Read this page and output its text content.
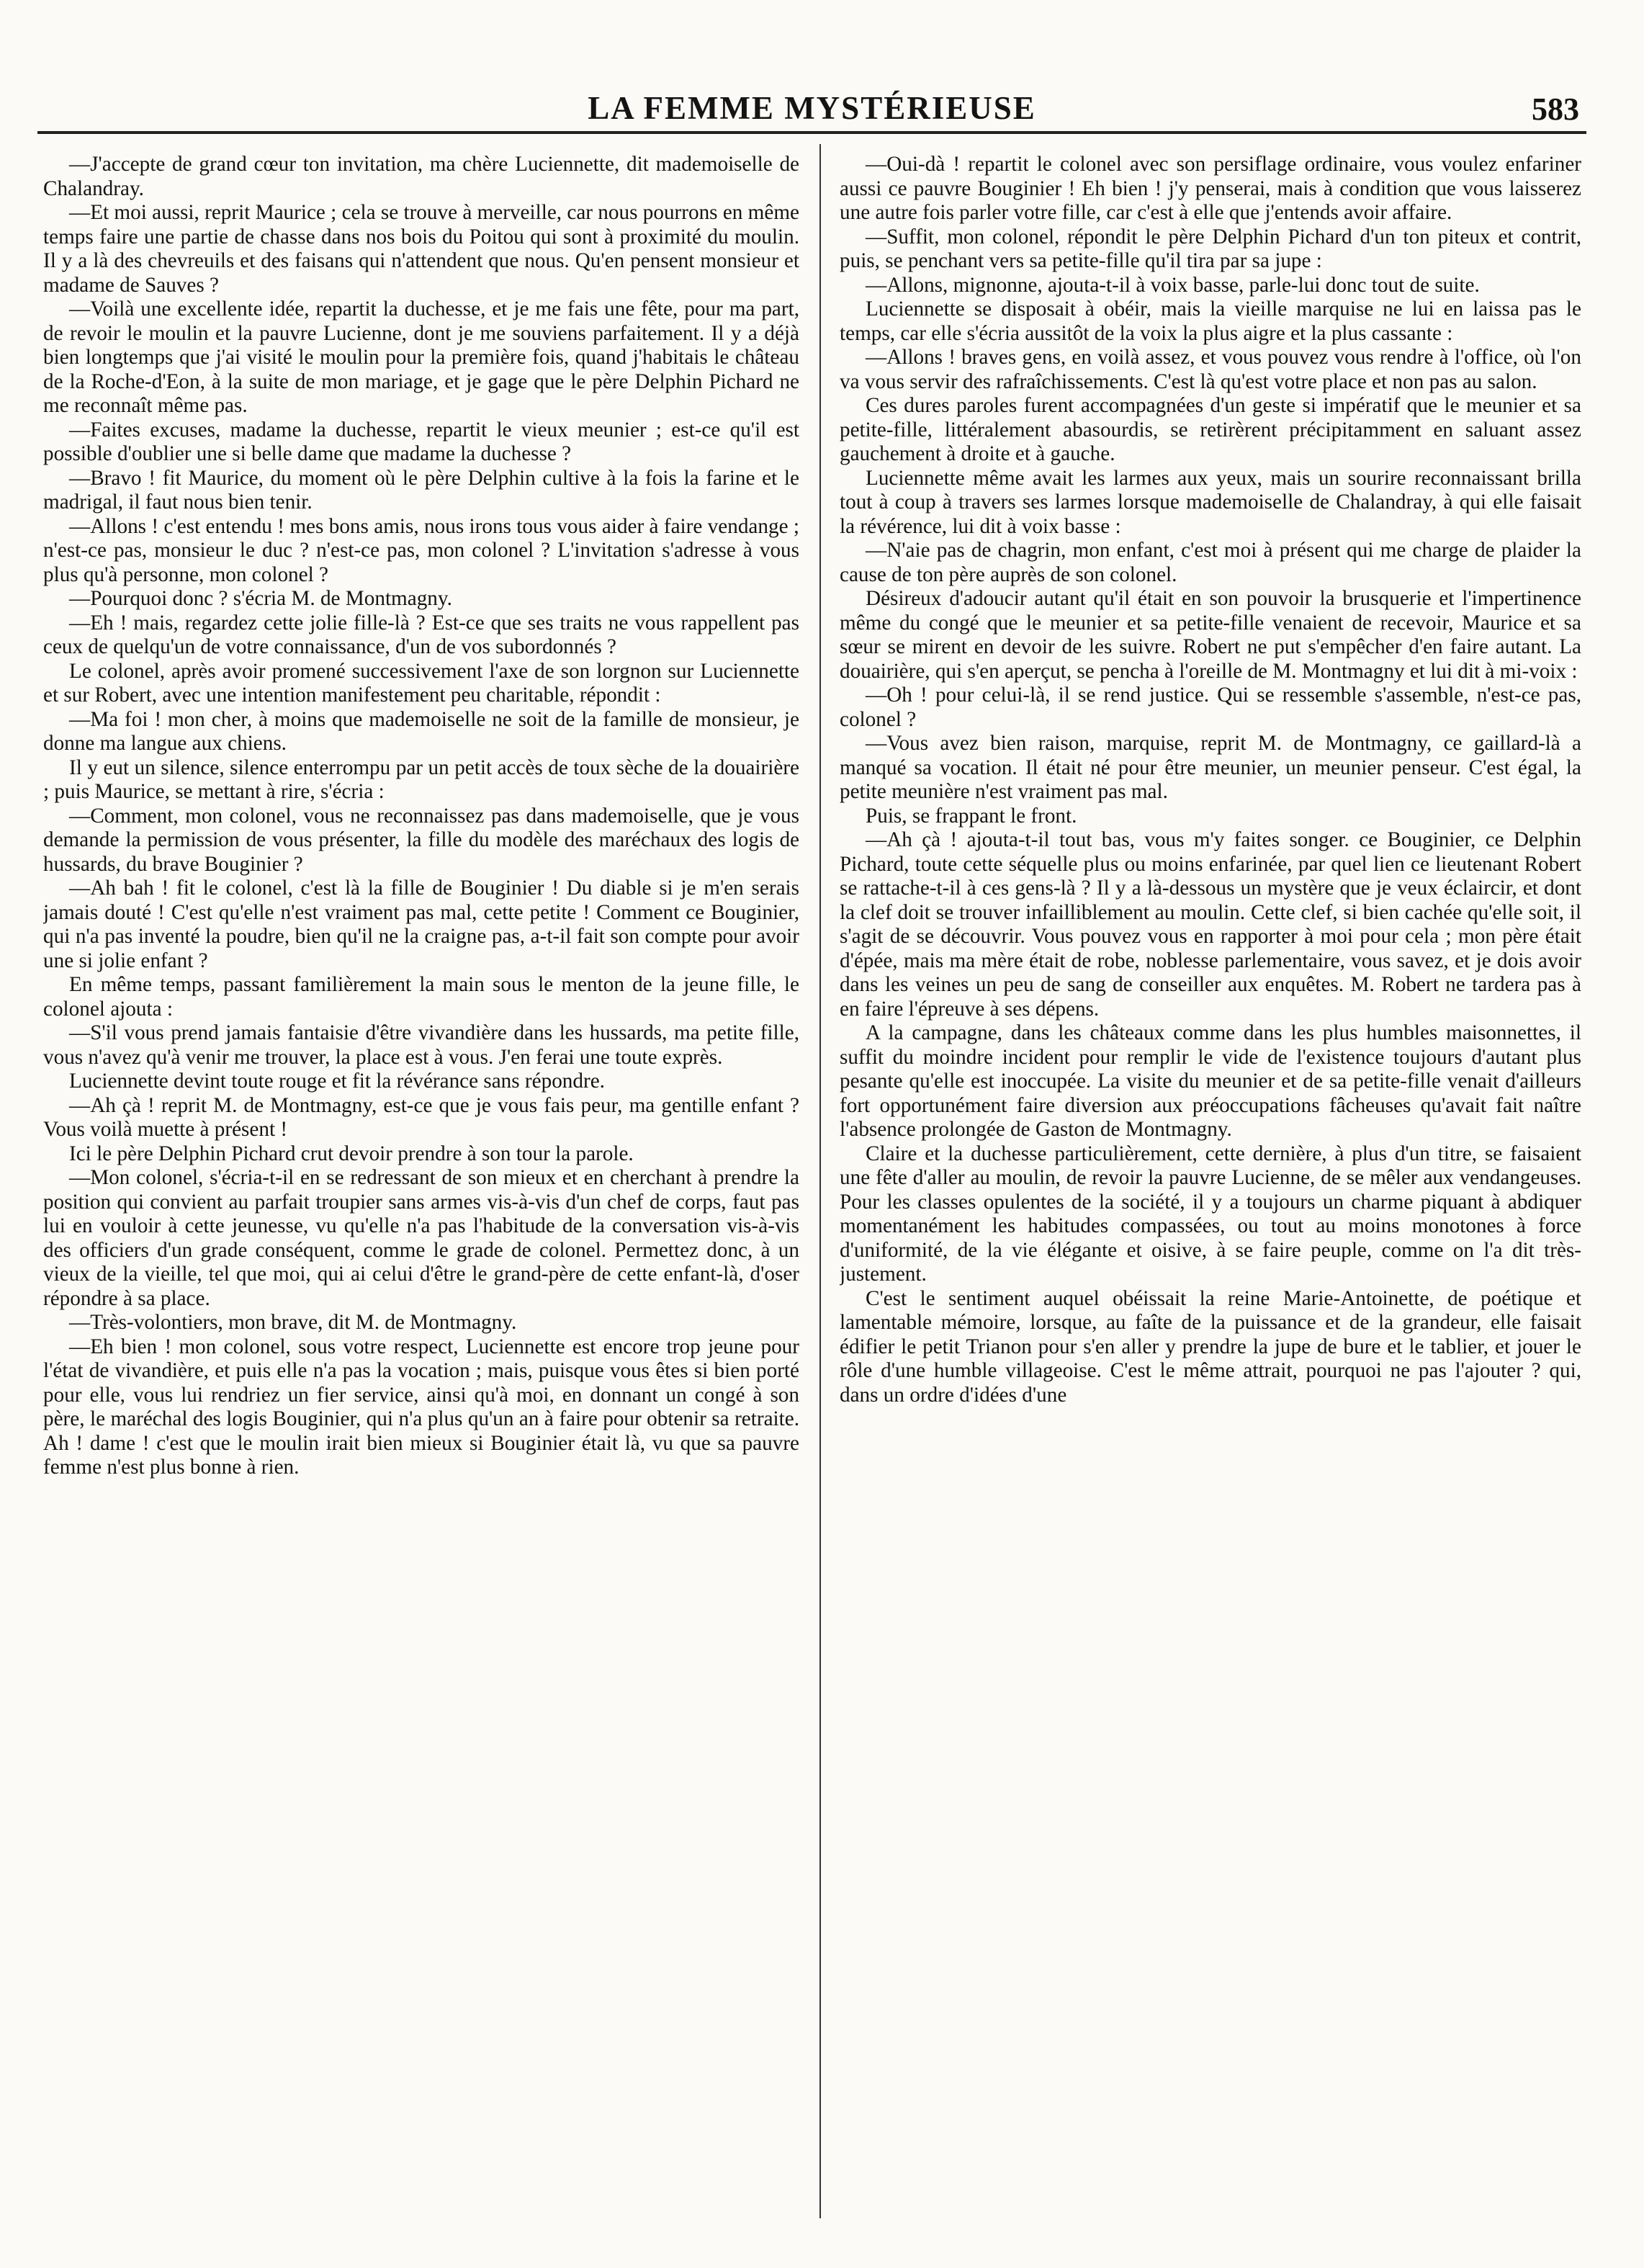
LA FEMME MYSTÉRIEUSE	583

—J'accepte de grand cœur ton invitation, ma chère Luciennette, dit mademoiselle de Chalandray.

—Et moi aussi, reprit Maurice ; cela se trouve à merveille, car nous pourrons en même temps faire une partie de chasse dans nos bois du Poitou qui sont à proximité du moulin. Il y a là des chevreuils et des faisans qui n'attendent que nous. Qu'en pensent monsieur et madame de Sauves ?

—Voilà une excellente idée, repartit la duchesse, et je me fais une fête, pour ma part, de revoir le moulin et la pauvre Lucienne, dont je me souviens parfaitement. Il y a déjà bien longtemps que j'ai visité le moulin pour la première fois, quand j'habitais le château de la Roche-d'Eon, à la suite de mon mariage, et je gage que le père Delphin Pichard ne me reconnaît même pas.

—Faites excuses, madame la duchesse, repartit le vieux meunier ; est-ce qu'il est possible d'oublier une si belle dame que madame la duchesse ?

—Bravo ! fit Maurice, du moment où le père Delphin cultive à la fois la farine et le madrigal, il faut nous bien tenir.

—Allons ! c'est entendu ! mes bons amis, nous irons tous vous aider à faire vendange ; n'est-ce pas, monsieur le duc ? n'est-ce pas, mon colonel ? L'invitation s'adresse à vous plus qu'à personne, mon colonel ?

—Pourquoi donc ? s'écria M. de Montmagny.

—Eh ! mais, regardez cette jolie fille-là ? Est-ce que ses traits ne vous rappellent pas ceux de quelqu'un de votre connaissance, d'un de vos subordonnés ?

Le colonel, après avoir promené successivement l'axe de son lorgnon sur Luciennette et sur Robert, avec une intention manifestement peu charitable, répondit :

—Ma foi ! mon cher, à moins que mademoiselle ne soit de la famille de monsieur, je donne ma langue aux chiens.

Il y eut un silence, silence enterrompu par un petit accès de toux sèche de la douairière ; puis Maurice, se mettant à rire, s'écria :

—Comment, mon colonel, vous ne reconnaissez pas dans mademoiselle, que je vous demande la permission de vous présenter, la fille du modèle des maréchaux des logis de hussards, du brave Bouginier ?

—Ah bah ! fit le colonel, c'est là la fille de Bouginier ! Du diable si je m'en serais jamais douté ! C'est qu'elle n'est vraiment pas mal, cette petite ! Comment ce Bouginier, qui n'a pas inventé la poudre, bien qu'il ne la craigne pas, a-t-il fait son compte pour avoir une si jolie enfant ?

En même temps, passant familièrement la main sous le menton de la jeune fille, le colonel ajouta :

—S'il vous prend jamais fantaisie d'être vivandière dans les hussards, ma petite fille, vous n'avez qu'à venir me trouver, la place est à vous. J'en ferai une toute exprès.

Luciennette devint toute rouge et fit la révérance sans répondre.

—Ah çà ! reprit M. de Montmagny, est-ce que je vous fais peur, ma gentille enfant ? Vous voilà muette à présent !

Ici le père Delphin Pichard crut devoir prendre à son tour la parole.

—Mon colonel, s'écria-t-il en se redressant de son mieux et en cherchant à prendre la position qui convient au parfait troupier sans armes vis-à-vis d'un chef de corps, faut pas lui en vouloir à cette jeunesse, vu qu'elle n'a pas l'habitude de la conversation vis-à-vis des officiers d'un grade conséquent, comme le grade de colonel. Permettez donc, à un vieux de la vieille, tel que moi, qui ai celui d'être le grand-père de cette enfant-là, d'oser répondre à sa place.

—Très-volontiers, mon brave, dit M. de Montmagny.

—Eh bien ! mon colonel, sous votre respect, Luciennette est encore trop jeune pour l'état de vivandière, et puis elle n'a pas la vocation ; mais, puisque vous êtes si bien porté pour elle, vous lui rendriez un fier service, ainsi qu'à moi, en donnant un congé à son père, le maréchal des logis Bouginier, qui n'a plus qu'un an à faire pour obtenir sa retraite. Ah ! dame ! c'est que le moulin irait bien mieux si Bouginier était là, vu que sa pauvre femme n'est plus bonne à rien.

—Oui-dà ! repartit le colonel avec son persiflage ordinaire, vous voulez enfariner aussi ce pauvre Bouginier ! Eh bien ! j'y penserai, mais à condition que vous laisserez une autre fois parler votre fille, car c'est à elle que j'entends avoir affaire.

—Suffit, mon colonel, répondit le père Delphin Pichard d'un ton piteux et contrit, puis, se penchant vers sa petite-fille qu'il tira par sa jupe :

—Allons, mignonne, ajouta-t-il à voix basse, parle-lui donc tout de suite.

Luciennette se disposait à obéir, mais la vieille marquise ne lui en laissa pas le temps, car elle s'écria aussitôt de la voix la plus aigre et la plus cassante :

—Allons ! braves gens, en voilà assez, et vous pouvez vous rendre à l'office, où l'on va vous servir des rafraîchissements. C'est là qu'est votre place et non pas au salon.

Ces dures paroles furent accompagnées d'un geste si impératif que le meunier et sa petite-fille, littéralement abasourdis, se retirèrent précipitamment en saluant assez gauchement à droite et à gauche.

Luciennette même avait les larmes aux yeux, mais un sourire reconnaissant brilla tout à coup à travers ses larmes lorsque mademoiselle de Chalandray, à qui elle faisait la révérence, lui dit à voix basse :

—N'aie pas de chagrin, mon enfant, c'est moi à présent qui me charge de plaider la cause de ton père auprès de son colonel.

Désireux d'adoucir autant qu'il était en son pouvoir la brusquerie et l'impertinence même du congé que le meunier et sa petite-fille venaient de recevoir, Maurice et sa sœur se mirent en devoir de les suivre. Robert ne put s'empêcher d'en faire autant. La douairière, qui s'en aperçut, se pencha à l'oreille de M. Montmagny et lui dit à mi-voix :

—Oh ! pour celui-là, il se rend justice. Qui se ressemble s'assemble, n'est-ce pas, colonel ?

—Vous avez bien raison, marquise, reprit M. de Montmagny, ce gaillard-là a manqué sa vocation. Il était né pour être meunier, un meunier penseur. C'est égal, la petite meunière n'est vraiment pas mal.

Puis, se frappant le front.

—Ah çà ! ajouta-t-il tout bas, vous m'y faites songer. ce Bouginier, ce Delphin Pichard, toute cette séquelle plus ou moins enfarinée, par quel lien ce lieutenant Robert se rattache-t-il à ces gens-là ? Il y a là-dessous un mystère que je veux éclaircir, et dont la clef doit se trouver infailliblement au moulin. Cette clef, si bien cachée qu'elle soit, il s'agit de se découvrir. Vous pouvez vous en rapporter à moi pour cela ; mon père était d'épée, mais ma mère était de robe, noblesse parlementaire, vous savez, et je dois avoir dans les veines un peu de sang de conseiller aux enquêtes. M. Robert ne tardera pas à en faire l'épreuve à ses dépens.

A la campagne, dans les châteaux comme dans les plus humbles maisonnettes, il suffit du moindre incident pour remplir le vide de l'existence toujours d'autant plus pesante qu'elle est inoccupée. La visite du meunier et de sa petite-fille venait d'ailleurs fort opportunément faire diversion aux préoccupations fâcheuses qu'avait fait naître l'absence prolongée de Gaston de Montmagny.

Claire et la duchesse particulièrement, cette dernière, à plus d'un titre, se faisaient une fête d'aller au moulin, de revoir la pauvre Lucienne, de se mêler aux vendangeuses. Pour les classes opulentes de la société, il y a toujours un charme piquant à abdiquer momentanément les habitudes compassées, ou tout au moins monotones à force d'uniformité, de la vie élégante et oisive, à se faire peuple, comme on l'a dit très-justement.

C'est le sentiment auquel obéissait la reine Marie-Antoinette, de poétique et lamentable mémoire, lorsque, au faîte de la puissance et de la grandeur, elle faisait édifier le petit Trianon pour s'en aller y prendre la jupe de bure et le tablier, et jouer le rôle d'une humble villageoise. C'est le même attrait, pourquoi ne pas l'ajouter ? qui, dans un ordre d'idées d'une
